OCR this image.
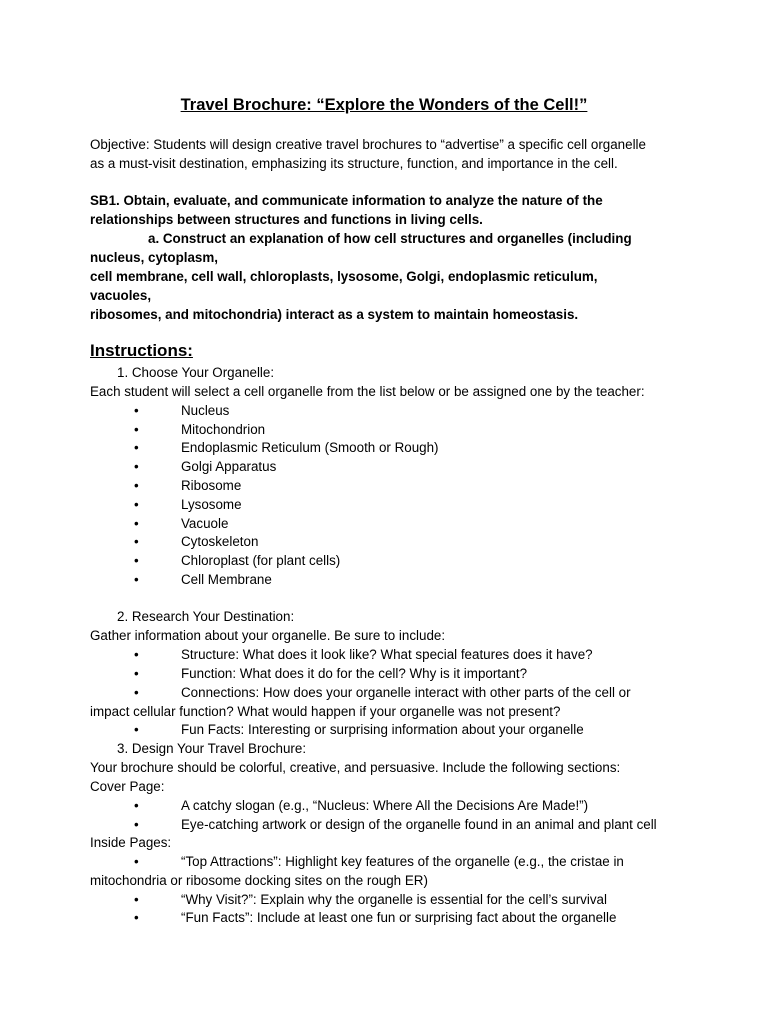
Travel Brochure: “Explore the Wonders of the Cell!”

Objective: Students will design creative travel brochures to “advertise” a specific cell organelle

as a must-visit destination, emphasizing its structure, function, and importance in the cell.

SB1. Obtain, evaluate, and communicate information to analyze the nature of the

relationships between structures and functions in living cells.

a. Construct an explanation of how cell structures and organelles (including

nucleus, cytoplasm,

cell membrane, cell wall, chloroplasts, lysosome, Golgi, endoplasmic reticulum,

vacuoles,

ribosomes, and mitochondria) interact as a system to maintain homeostasis.

Instructions:

1. Choose Your Organelle:

Each student will select a cell organelle from the list below or be assigned one by the teacher:

•	Nucleus

•	Mitochondrion

•	Endoplasmic Reticulum (Smooth or Rough)

•	Golgi Apparatus

•	Ribosome

•	Lysosome

•	Vacuole

•	Cytoskeleton

•	Chloroplast (for plant cells)

•	Cell Membrane

2. Research Your Destination:

Gather information about your organelle. Be sure to include:

•	Structure: What does it look like? What special features does it have?

•	Function: What does it do for the cell? Why is it important?

•	Connections: How does your organelle interact with other parts of the cell or

impact cellular function? What would happen if your organelle was not present?

•	Fun Facts: Interesting or surprising information about your organelle

3. Design Your Travel Brochure:

Your brochure should be colorful, creative, and persuasive. Include the following sections:

Cover Page:

•	A catchy slogan (e.g., “Nucleus: Where All the Decisions Are Made!”)

•	Eye-catching artwork or design of the organelle found in an animal and plant cell

Inside Pages:

•	“Top Attractions”: Highlight key features of the organelle (e.g., the cristae in

mitochondria or ribosome docking sites on the rough ER)

•	“Why Visit?”: Explain why the organelle is essential for the cell’s survival

•	“Fun Facts”: Include at least one fun or surprising fact about the organelle
